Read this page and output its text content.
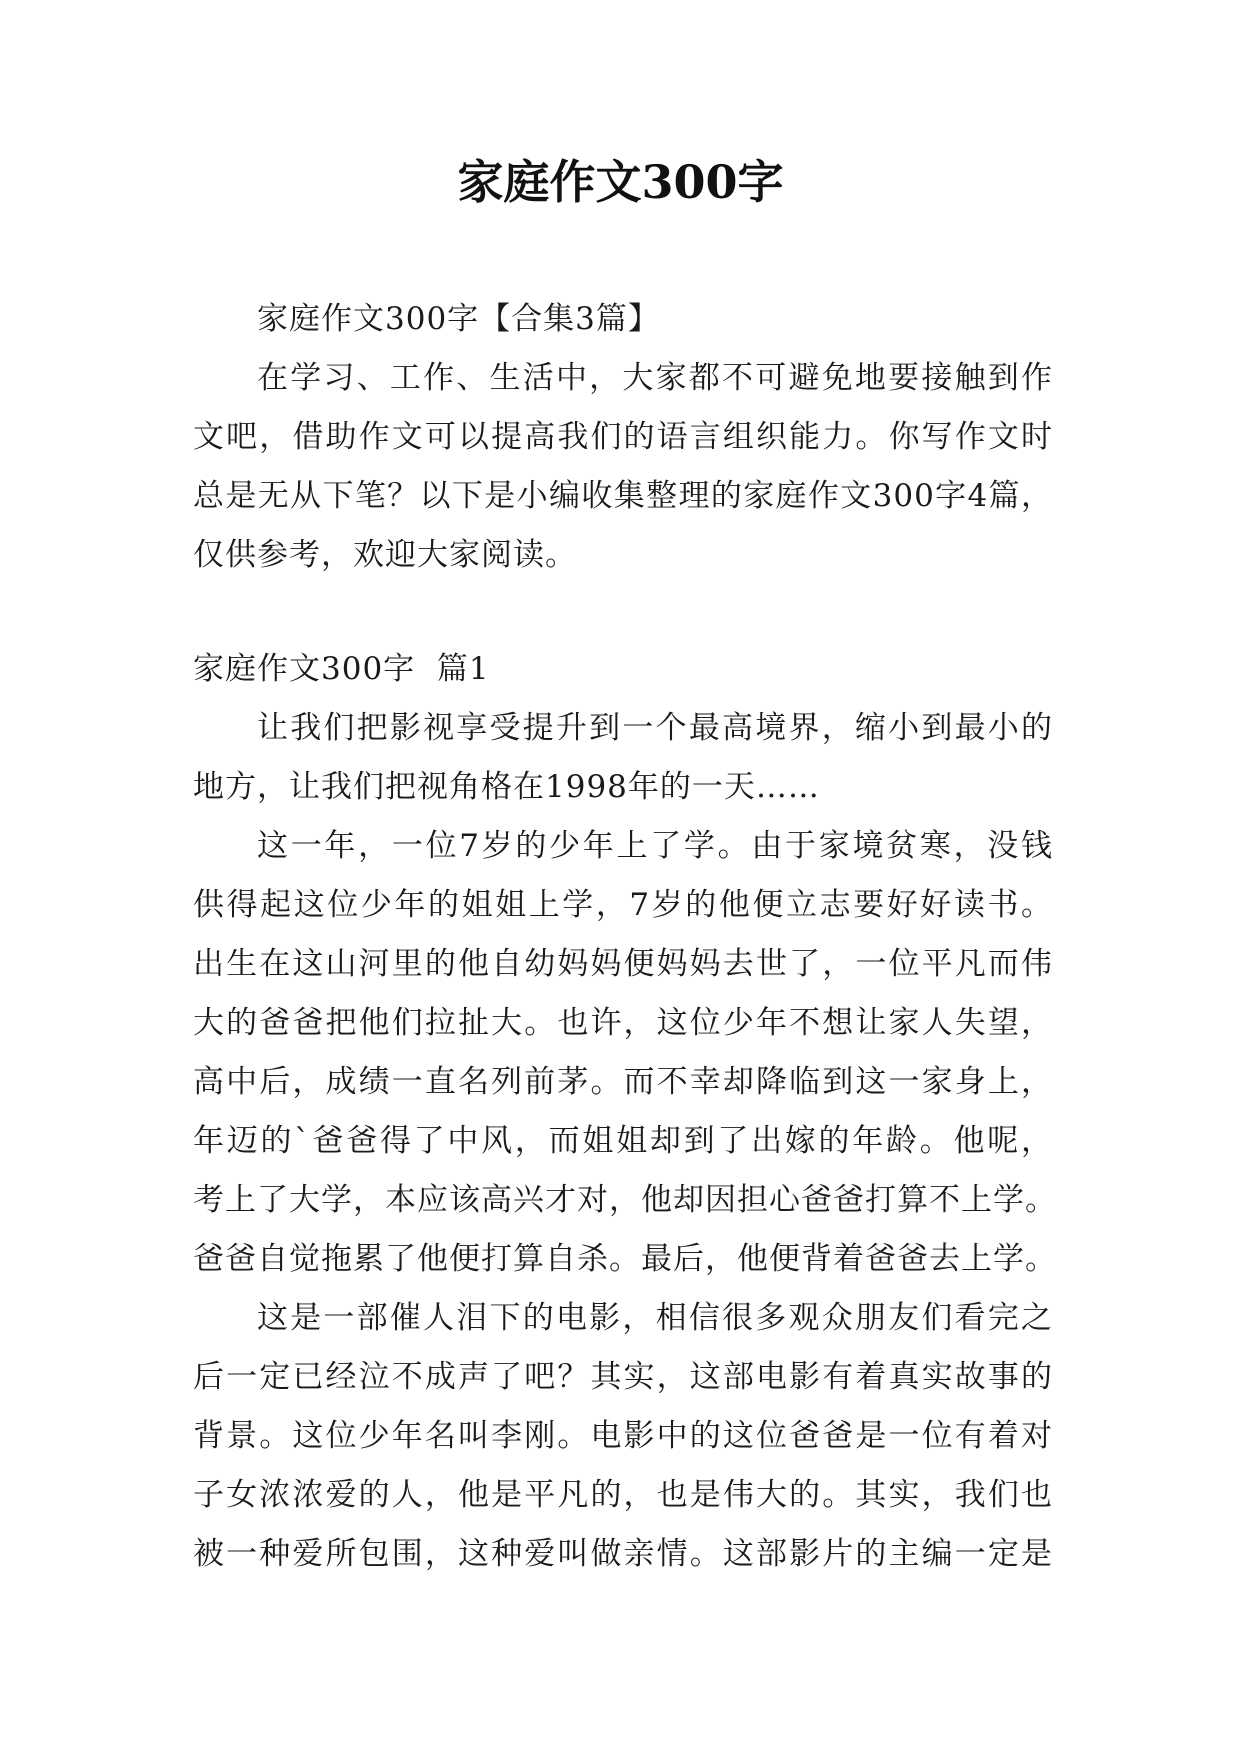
家庭作文300字
家庭作文300字【合集3篇】
在学习、工作、生活中，大家都不可避免地要接触到作
文吧，借助作文可以提高我们的语言组织能力。你写作文时
总是无从下笔？以下是小编收集整理的家庭作文300字4篇，
仅供参考，欢迎大家阅读。
家庭作文300字  篇1
让我们把影视享受提升到一个最高境界，缩小到最小的
地方，让我们把视角格在1998年的一天……
这一年，一位7岁的少年上了学。由于家境贫寒，没钱
供得起这位少年的姐姐上学，7岁的他便立志要好好读书。
出生在这山河里的他自幼妈妈便妈妈去世了，一位平凡而伟
大的爸爸把他们拉扯大。也许，这位少年不想让家人失望，
高中后，成绩一直名列前茅。而不幸却降临到这一家身上，
年迈的`爸爸得了中风，而姐姐却到了出嫁的年龄。他呢，
考上了大学，本应该高兴才对，他却因担心爸爸打算不上学。
爸爸自觉拖累了他便打算自杀。最后，他便背着爸爸去上学。
这是一部催人泪下的电影，相信很多观众朋友们看完之
后一定已经泣不成声了吧？其实，这部电影有着真实故事的
背景。这位少年名叫李刚。电影中的这位爸爸是一位有着对
子女浓浓爱的人，他是平凡的，也是伟大的。其实，我们也
被一种爱所包围，这种爱叫做亲情。这部影片的主编一定是
